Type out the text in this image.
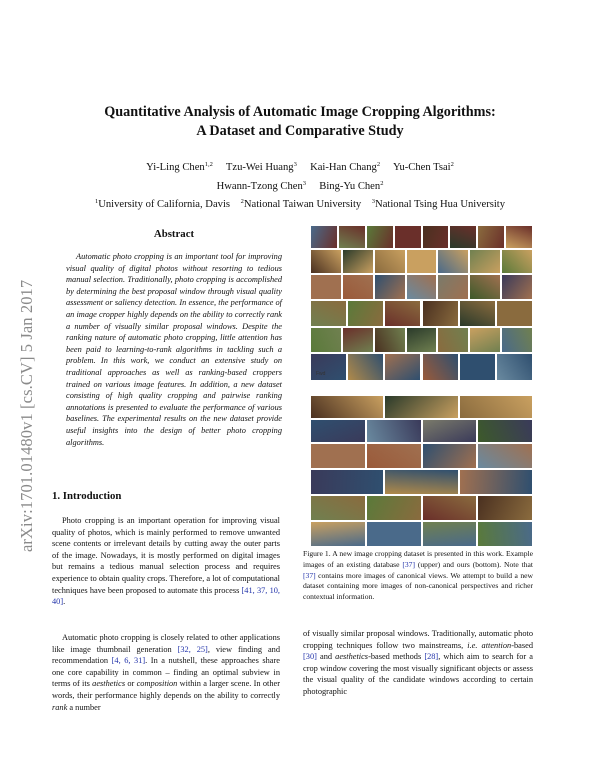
Quantitative Analysis of Automatic Image Cropping Algorithms:
A Dataset and Comparative Study
Yi-Ling Chen$^{1,2}$ Tzu-Wei Huang$^3$ Kai-Han Chang$^2$ Yu-Chen Tsai$^2$
Hwann-Tzong Chen$^3$ Bing-Yu Chen$^2$
$^1$University of California, Davis $^2$National Taiwan University $^3$National Tsing Hua University
arXiv:1701.01480v1 [cs.CV] 5 Jan 2017
Abstract
Automatic photo cropping is an important tool for improving visual quality of digital photos without resorting to tedious manual selection. Traditionally, photo cropping is accomplished by determining the best proposal window through visual quality assessment or saliency detection. In essence, the performance of an image cropper highly depends on the ability to correctly rank a number of visually similar proposal windows. Despite the ranking nature of automatic photo cropping, little attention has been paid to learning-to-rank algorithms in tackling such a problem. In this work, we conduct an extensive study on traditional approaches as well as ranking-based croppers trained on various image features. In addition, a new dataset consisting of high quality cropping and pairwise ranking annotations is presented to evaluate the performance of various baselines. The experimental results on the new dataset provide useful insights into the design of better photo cropping algorithms.
1. Introduction

Photo cropping is an important operation for improving visual quality of photos, which is mainly performed to remove unwanted scene contents or irrelevant details by cutting away the outer parts of the image. Nowadays, it is mostly performed on digital images but remains a tedious manual selection process and requires experience to obtain quality crops. Therefore, a lot of computational techniques have been proposed to automate this process [41, 37, 10, 40].

Automatic photo cropping is closely related to other applications like image thumbnail generation [32, 25], view finding and recommendation [4, 6, 31]. In a nutshell, these approaches share one core capability in common – finding an optimal subview in terms of its aesthetics or composition within a larger scene. In other words, their performance highly depends on the ability to correctly rank a number

Fwd
Figure 1. A new image cropping dataset is presented in this work. Example images of an existing database [37] (upper) and ours (bottom). Note that [37] contains more images of canonical views. We attempt to build a new dataset containing more images of non-canonical perspectives and richer contextual information.
of visually similar proposal windows. Traditionally, automatic photo cropping techniques follow two mainstreams, i.e. attention-based [30] and aesthetics-based methods [28], which aim to search for a crop window covering the most visually significant objects or assess the visual quality of the candidate windows according to certain photographic
